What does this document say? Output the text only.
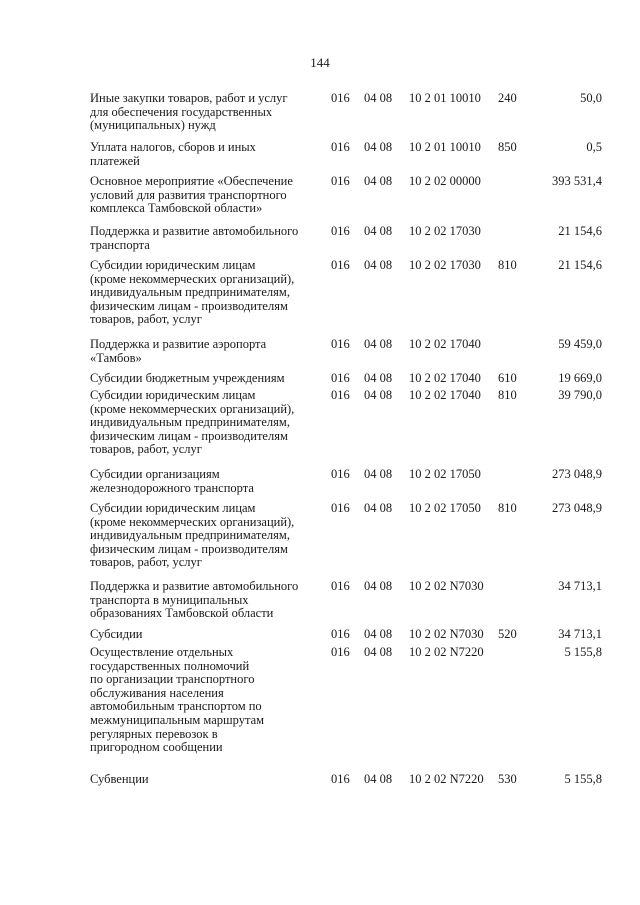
144
Иные закупки товаров, работ и услуг
для обеспечения государственных
(муниципальных) нужд
016 04 08 10 2 01 10010 240	50,0
Уплата налогов, сборов и иных
платежей
016 04 08 10 2 01 10010 850	0,5
Основное мероприятие «Обеспечение
условий для развития транспортного
комплекса Тамбовской области»
016 04 08 10 2 02 00000	393 531,4
Поддержка и развитие автомобильного
транспорта
016 04 08 10 2 02 17030	21 154,6
Субсидии юридическим лицам
(кроме некоммерческих организаций),
индивидуальным предпринимателям,
физическим лицам - производителям
товаров, работ, услуг
016 04 08 10 2 02 17030 810	21 154,6
Поддержка и развитие аэропорта
«Тамбов»
016 04 08 10 2 02 17040	59 459,0
Субсидии бюджетным учреждениям	016 04 08 10 2 02 17040 610	19 669,0
Субсидии юридическим лицам
(кроме некоммерческих организаций),
индивидуальным предпринимателям,
физическим лицам - производителям
товаров, работ, услуг
016 04 08 10 2 02 17040 810	39 790,0
Субсидии организациям
железнодорожного транспорта
016 04 08 10 2 02 17050	273 048,9
Субсидии юридическим лицам
(кроме некоммерческих организаций),
индивидуальным предпринимателям,
физическим лицам - производителям
товаров, работ, услуг
016 04 08 10 2 02 17050 810	273 048,9
Поддержка и развитие автомобильного
транспорта в муниципальных
образованиях Тамбовской области
016 04 08 10 2 02 N7030	34 713,1
Субсидии	016 04 08 10 2 02 N7030 520	34 713,1
Осуществление отдельных
государственных полномочий
по организации транспортного
обслуживания населения
автомобильным транспортом по
межмуниципальным маршрутам
регулярных перевозок в
пригородном сообщении
016 04 08 10 2 02 N7220	5 155,8
Субвенции	016 04 08 10 2 02 N7220 530	5 155,8
